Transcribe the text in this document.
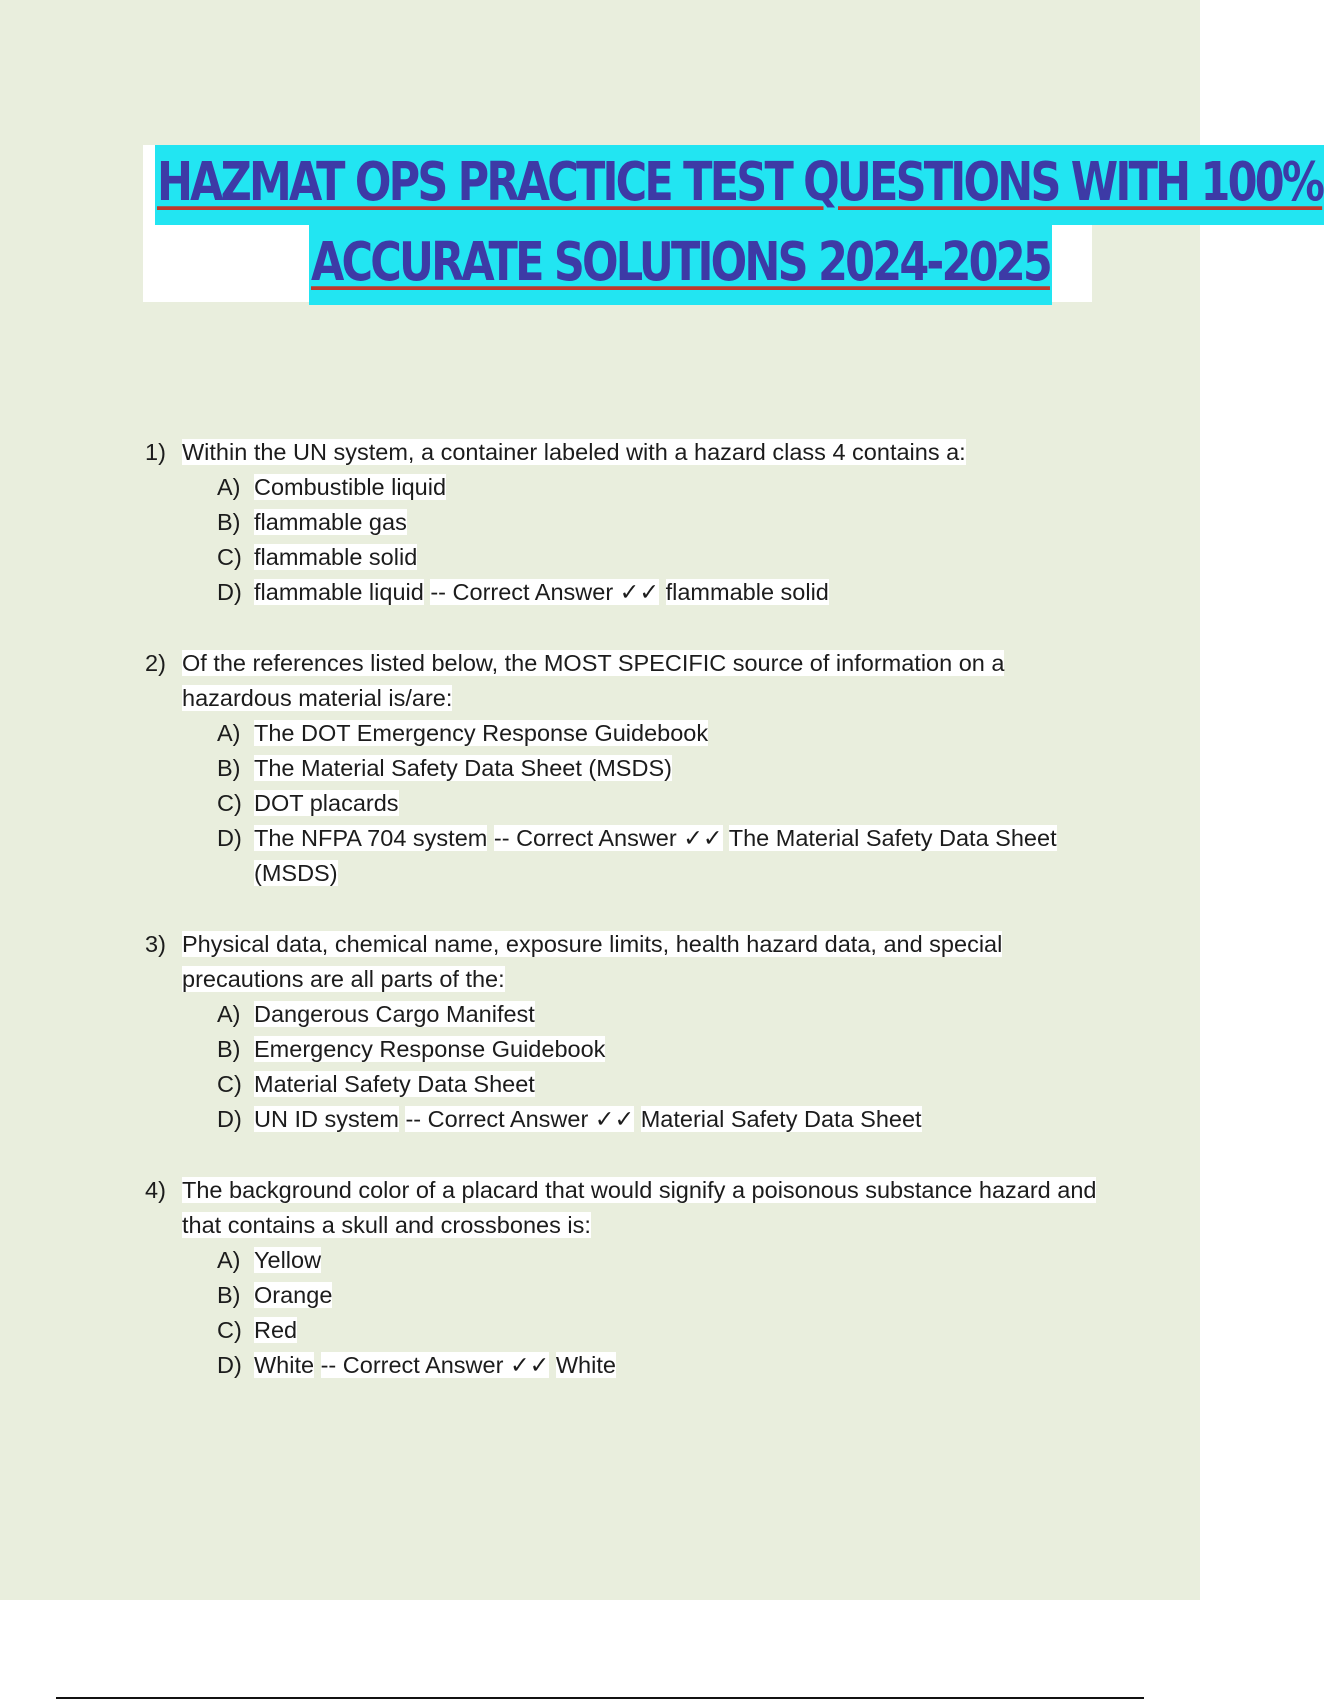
HAZMAT OPS PRACTICE TEST QUESTIONS WITH 100%
ACCURATE SOLUTIONS 2024-2025
1) Within the UN system, a container labeled with a hazard class 4 contains a:
A) Combustible liquid
B) flammable gas
C) flammable solid
D) flammable liquid -- Correct Answer ✓✓ flammable solid
2) Of the references listed below, the MOST SPECIFIC source of information on a hazardous material is/are:
A) The DOT Emergency Response Guidebook
B) The Material Safety Data Sheet (MSDS)
C) DOT placards
D) The NFPA 704 system -- Correct Answer ✓✓ The Material Safety Data Sheet (MSDS)
3) Physical data, chemical name, exposure limits, health hazard data, and special precautions are all parts of the:
A) Dangerous Cargo Manifest
B) Emergency Response Guidebook
C) Material Safety Data Sheet
D) UN ID system -- Correct Answer ✓✓ Material Safety Data Sheet
4) The background color of a placard that would signify a poisonous substance hazard and that contains a skull and crossbones is:
A) Yellow
B) Orange
C) Red
D) White -- Correct Answer ✓✓ White
